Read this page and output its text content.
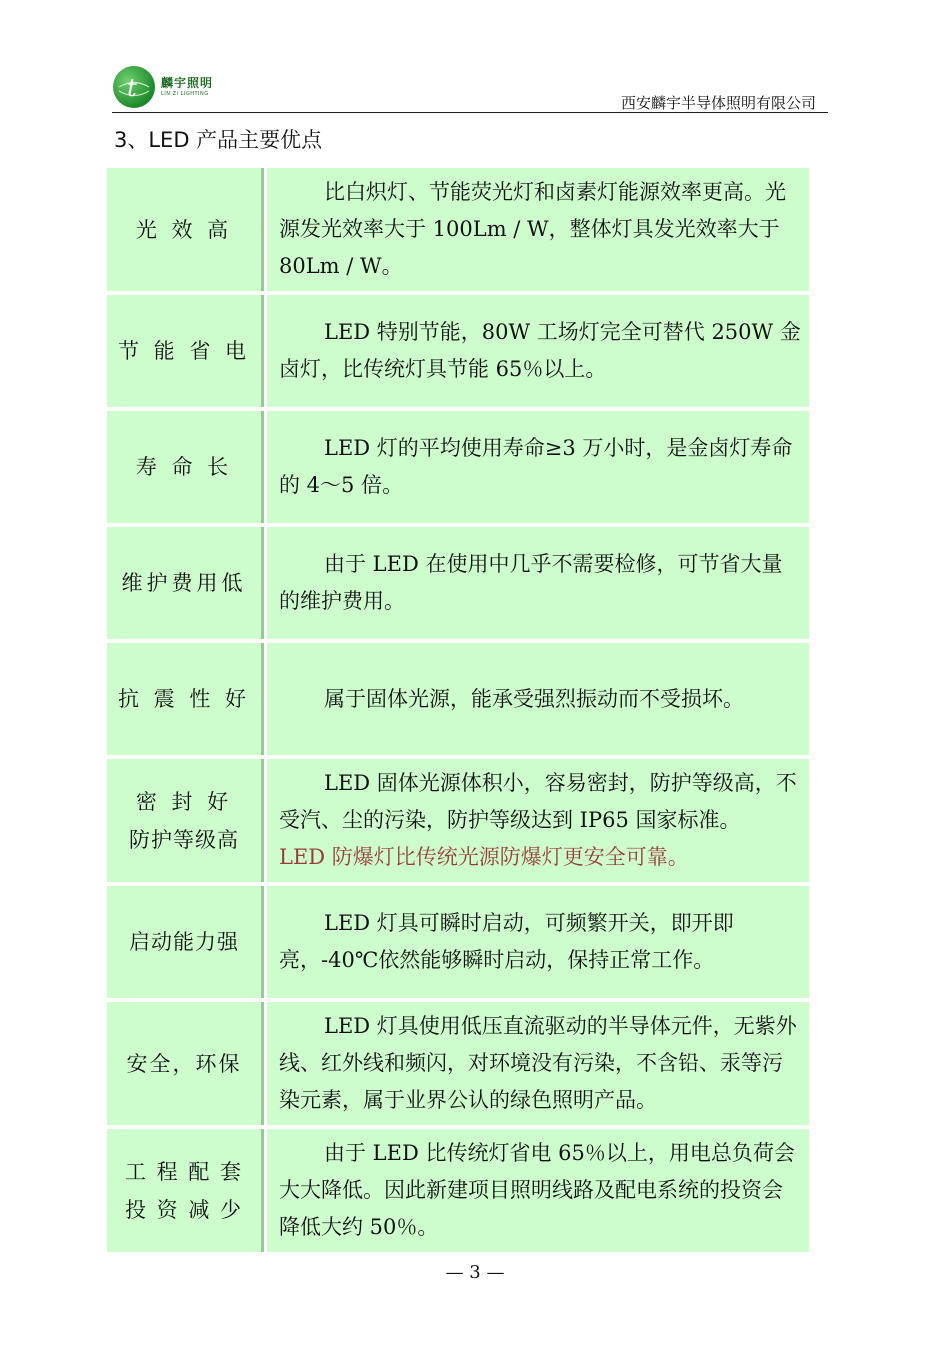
t 麟宇照明
LIN ZI LIGHTING	西安麟宇半导体照明有限公司
3、LED 产品主要优点
光 效 高	比白炽灯、节能荧光灯和卤素灯能源效率更高。光源发光效率大于 100Lm / W，整体灯具发光效率大于 80Lm / W。
节 能 省 电	LED 特别节能，80W 工场灯完全可替代 250W 金卤灯，比传统灯具节能 65％以上。
寿 命 长	LED 灯的平均使用寿命≥3 万小时，是金卤灯寿命的 4～5 倍。
维护费用低	由于 LED 在使用中几乎不需要检修，可节省大量的维护费用。
抗 震 性 好	属于固体光源，能承受强烈振动而不受损坏。
密 封 好
防护等级高	LED 固体光源体积小，容易密封，防护等级高，不受汽、尘的污染，防护等级达到 IP65 国家标准。
LED 防爆灯比传统光源防爆灯更安全可靠。
启动能力强	LED 灯具可瞬时启动，可频繁开关，即开即亮，-40℃依然能够瞬时启动，保持正常工作。
安全，环保	LED 灯具使用低压直流驱动的半导体元件，无紫外线、红外线和频闪，对环境没有污染，不含铅、汞等污染元素，属于业界公认的绿色照明产品。
工 程 配 套
投 资 减 少	由于 LED 比传统灯省电 65％以上，用电总负荷会大大降低。因此新建项目照明线路及配电系统的投资会降低大约 50％。
— 3 —
